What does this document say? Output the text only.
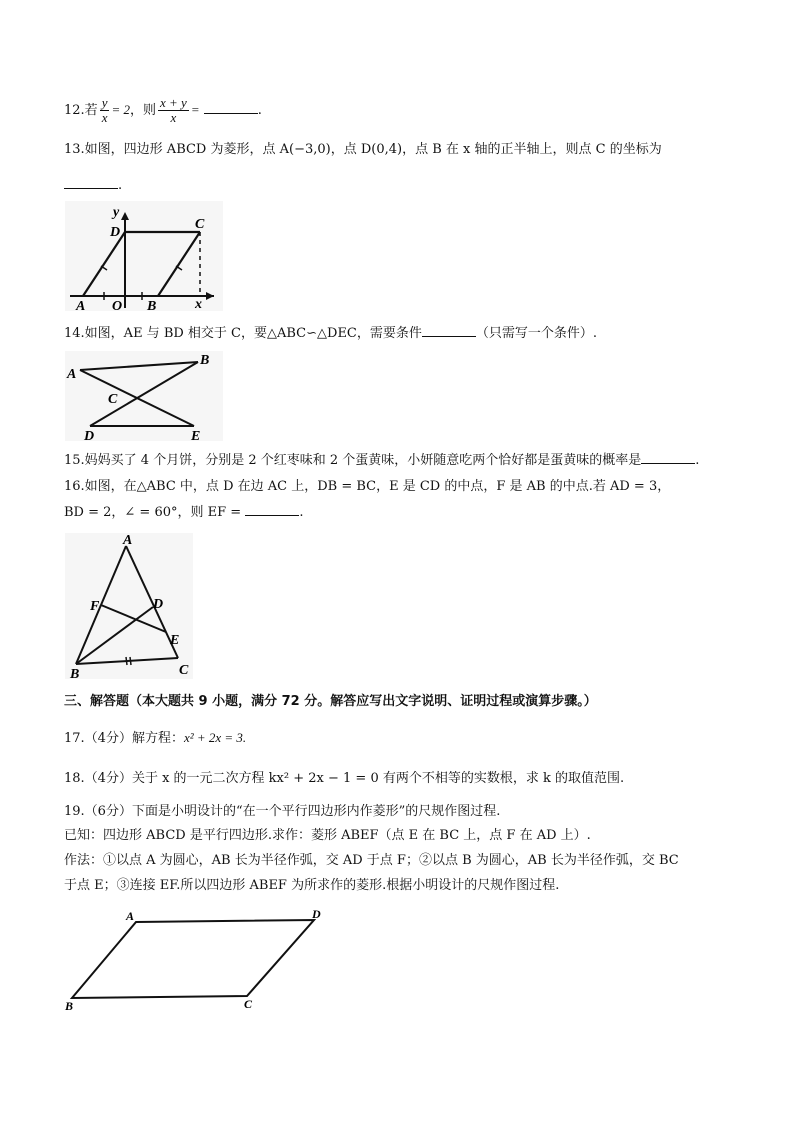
12.若 $\frac{y}{x} = 2$，则 $\frac{x + y}{x}$ =	.
13.如图，四边形 ABCD 为菱形，点 A(−3,0)，点 D(0,4)，点 B 在 x 轴的正半轴上，则点 C 的坐标为
.
y
D
C
A O B	x
14.如图，AE 与 BD 相交于 C，要△ABC∽△DEC，需要条件	（只需写一个条件）.
A
B
C
D	E
15.妈妈买了 4 个月饼，分别是 2 个红枣味和 2 个蛋黄味，小妍随意吃两个恰好都是蛋黄味的概率是	.
16.如图，在△ABC 中，点 D 在边 AC 上，DB = BC，E 是 CD 的中点，F 是 AB 的中点.若 AD = 3，
BD = 2，∠ = 60°，则 EF =	.
A
F	D
E
B	C
三、解答题（本大题共 9 小题，满分 72 分。解答应写出文字说明、证明过程或演算步骤。）
17.（4分）解方程：x² + 2x = 3.
18.（4分）关于 x 的一元二次方程 kx² + 2x − 1 = 0 有两个不相等的实数根，求 k 的取值范围.
19.（6分）下面是小明设计的“在一个平行四边形内作菱形”的尺规作图过程.
已知：四边形 ABCD 是平行四边形.求作：菱形 ABEF（点 E 在 BC 上，点 F 在 AD 上）.
作法：①以点 A 为圆心，AB 长为半径作弧，交 AD 于点 F；②以点 B 为圆心，AB 长为半径作弧，交 BC
于点 E；③连接 EF.所以四边形 ABEF 为所求作的菱形.根据小明设计的尺规作图过程.
A	D
B	C
